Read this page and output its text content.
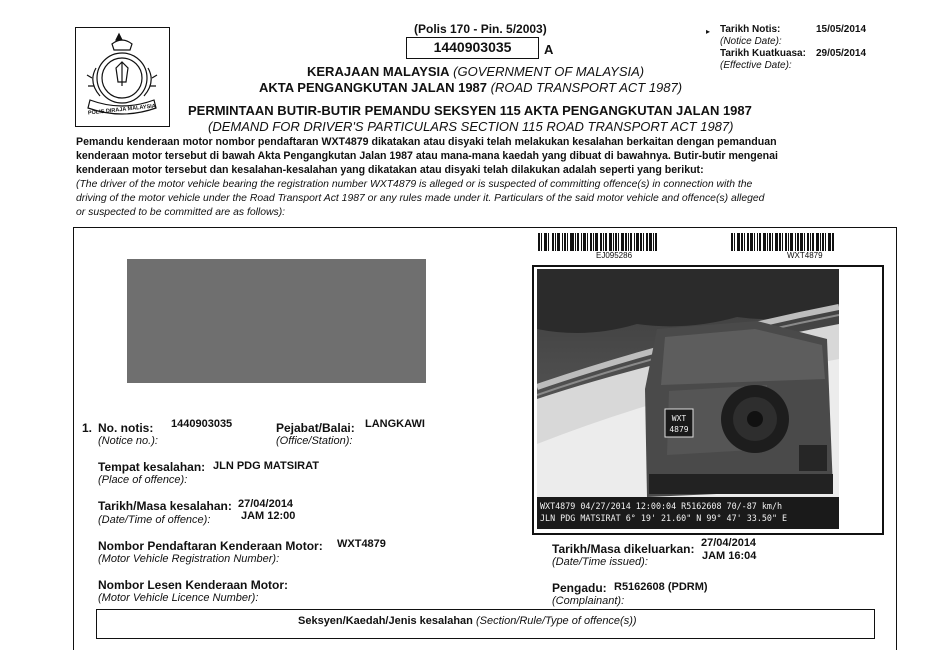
POLIS DIRAJA MALAYSIA
(Polis 170 - Pin. 5/2003)
1440903035	A
KERAJAAN MALAYSIA (GOVERNMENT OF MALAYSIA)
AKTA PENGANGKUTAN JALAN 1987 (ROAD TRANSPORT ACT 1987)
▸ Tarikh Notis:
(Notice Date):
15/05/2014
Tarikh Kuatkuasa: 29/05/2014
(Effective Date):
PERMINTAAN BUTIR-BUTIR PEMANDU SEKSYEN 115 AKTA PENGANGKUTAN JALAN 1987
(DEMAND FOR DRIVER'S PARTICULARS SECTION 115 ROAD TRANSPORT ACT 1987)
Pemandu kenderaan motor nombor pendaftaran WXT4879 dikatakan atau disyaki telah melakukan kesalahan berkaitan dengan pemanduan
kenderaan motor tersebut di bawah Akta Pengangkutan Jalan 1987 atau mana-mana kaedah yang dibuat di bawahnya. Butir-butir mengenai
kenderaan motor tersebut dan kesalahan-kesalahan yang dikatakan atau disyaki telah dilakukan adalah seperti yang berikut:
(The driver of the motor vehicle bearing the registration number WXT4879 is alleged or is suspected of committing offence(s) in connection with the
driving of the motor vehicle under the Road Transport Act 1987 or any rules made under it. Particulars of the said motor vehicle and offence(s) alleged
or suspected to be committed are as follows):
EJ095286	WXT4879
WXT
4879
WXT4879 04/27/2014 12:00:04 R5162608 70/-87 km/h
JLN PDG MATSIRAT 6° 19' 21.60" N 99° 47' 33.50" E
1. No. notis:
(Notice no.):
1440903035	Pejabat/Balai:
(Office/Station):
LANGKAWI
Tempat kesalahan: JLN PDG MATSIRAT
(Place of offence):
Tarikh/Masa kesalahan: 27/04/2014
(Date/Time of offence):	JAM 12:00
Nombor Pendaftaran Kenderaan Motor: WXT4879
(Motor Vehicle Registration Number):
Nombor Lesen Kenderaan Motor:
(Motor Vehicle Licence Number):
Tarikh/Masa dikeluarkan: 27/04/2014
JAM 16:04
(Date/Time issued):
Pengadu: R5162608 (PDRM)
(Complainant):
Seksyen/Kaedah/Jenis kesalahan (Section/Rule/Type of offence(s))
